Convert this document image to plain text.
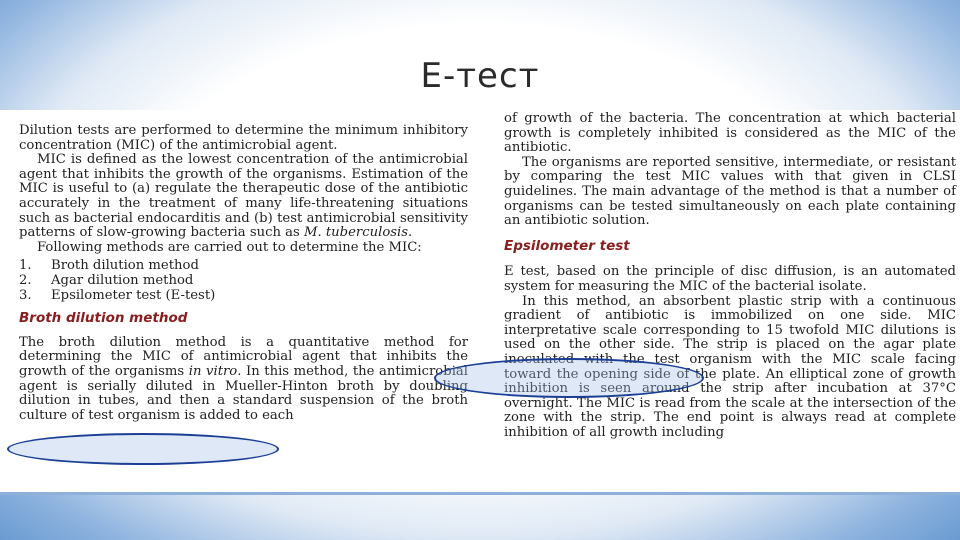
E-тест

Dilution tests are performed to determine the minimum inhibitory concentration (MIC) of the antimicrobial agent.

MIC is defined as the lowest concentration of the antimicrobial agent that inhibits the growth of the organisms. Estimation of the MIC is useful to (a) regulate the therapeutic dose of the antibiotic accurately in the treatment of many life-threatening situations such as bacterial endocarditis and (b) test antimicrobial sensitivity patterns of slow-growing bacteria such as M. tuberculosis.

Following methods are carried out to determine the MIC:

1.	Broth dilution method
2.	Agar dilution method
3.	Epsilometer test (E-test)
Broth dilution method

The broth dilution method is a quantitative method for determining the MIC of antimicrobial agent that inhibits the growth of the organisms in vitro. In this method, the antimicrobial agent is serially diluted in Mueller-Hinton broth by doubling dilution in tubes, and then a standard suspension of the broth culture of test organism is added to each

of growth of the bacteria. The concentration at which bacterial growth is completely inhibited is considered as the MIC of the antibiotic.

The organisms are reported sensitive, intermediate, or resistant by comparing the test MIC values with that given in CLSI guidelines. The main advantage of the method is that a number of organisms can be tested simultaneously on each plate containing an antibiotic solution.

Epsilometer test

E test, based on the principle of disc diffusion, is an automated system for measuring the MIC of the bacterial isolate.

In this method, an absorbent plastic strip with a continuous gradient of antibiotic is immobilized on one side. MIC interpretative scale corresponding to 15 twofold MIC dilutions is used on the other side. The strip is placed on the agar plate inoculated with the test organism with the MIC scale facing toward the opening side of the plate. An elliptical zone of growth inhibition is seen around the strip after incubation at 37°C overnight. The MIC is read from the scale at the intersection of the zone with the strip. The end point is always read at complete inhibition of all growth including
